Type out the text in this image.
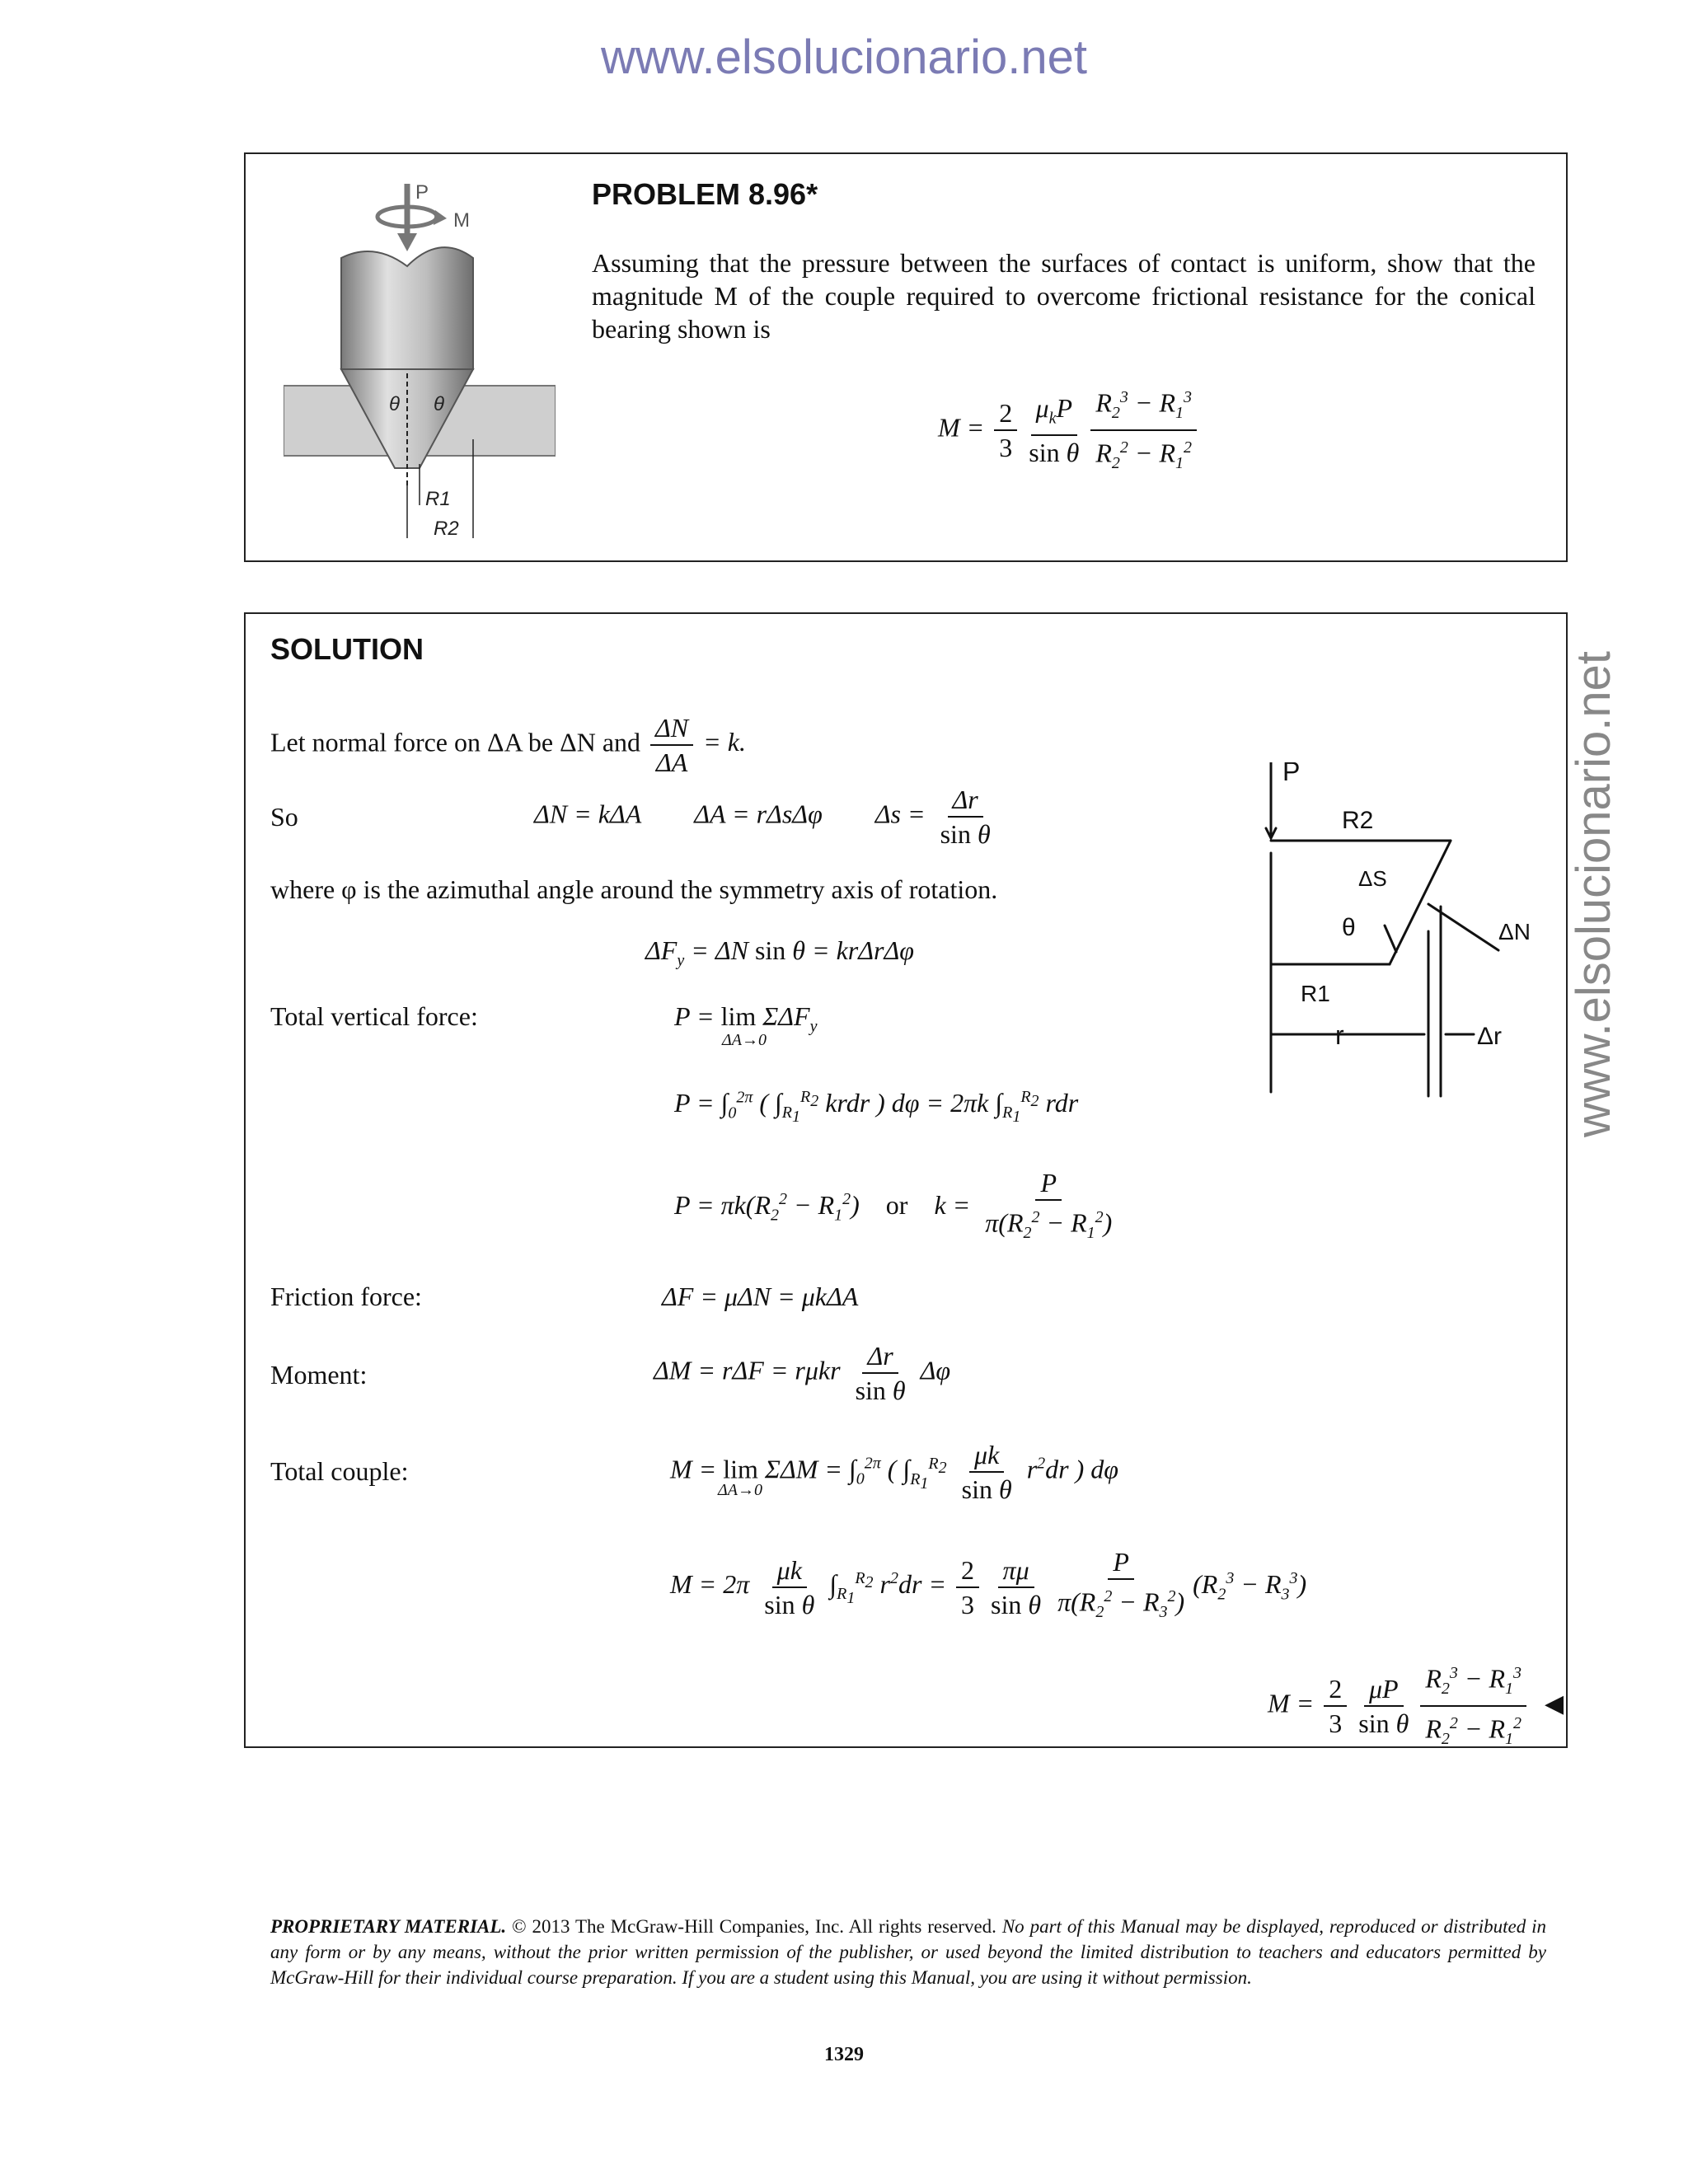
www.elsolucionario.net
www.elsolucionario.net
P
M
θ θ
R1
R2
PROBLEM 8.96*
Assuming that the pressure between the surfaces of contact is uniform, show that the magnitude M of the couple required to overcome frictional resistance for the conical bearing shown is
$M = \frac{2}{3} \frac{\mu_kP}{\text{sin θ}} \frac{R_2^3 - R_1^3}{R_2^2 - R_1^2}$
SOLUTION
Let normal force on ΔA be ΔN and $\frac{\Delta N}{\Delta A} = k$.
So	ΔN = kΔA        ΔA = rΔsΔφ        $\Delta s = \frac{\Delta r}{\text{sin θ}}$
where φ is the azimuthal angle around the symmetry axis of rotation.
$\Delta F_y = \Delta N$ sin θ = krΔrΔφ
Total vertical force:	$P = \lim \Sigma\Delta F_y$
ΔA→0
$P = \int_0^{2\pi}$ ( $\int_{R_1}^{R_2}$ krdr ) dφ = 2πk $\int_{R_1}^{R_2}$ rdr
$P = \pi k(R_2^2 - R_1^2)$    or    $k = \frac{P}{\pi(R_2^2 - R_1^2)}$
Friction force:	ΔF = μΔN = μkΔA
Moment:	ΔM = rΔF = rμkr $\frac{\Delta r}{\text{sin θ}}$ Δφ
Total couple:	$M = \lim \Sigma\Delta M = \int_0^{2\pi}$ ( $\int_{R_1}^{R_2} \frac{\mu k}{\text{sin θ}} r^2dr$ ) dφ
ΔA→0
$M = 2\pi \frac{\mu k}{\text{sin θ}} \int_{R_1}^{R_2}$ $r^2dr = \frac{2}{3} \frac{\pi\mu}{\text{sin θ}} \frac{P}{\pi(R_2^2 - R_3^2)} (R_2^3 - R_3^3)$
$M = \frac{2}{3} \frac{\mu P}{\text{sin θ}} \frac{R_2^3 - R_1^3}{R_2^2 - R_1^2}$ ◀
P
R2
ΔS
θ	ΔN
R1
r	Δr
PROPRIETARY MATERIAL. © 2013 The McGraw-Hill Companies, Inc. All rights reserved. No part of this Manual may be displayed, reproduced or distributed in any form or by any means, without the prior written permission of the publisher, or used beyond the limited distribution to teachers and educators permitted by McGraw-Hill for their individual course preparation. If you are a student using this Manual, you are using it without permission.
1329
